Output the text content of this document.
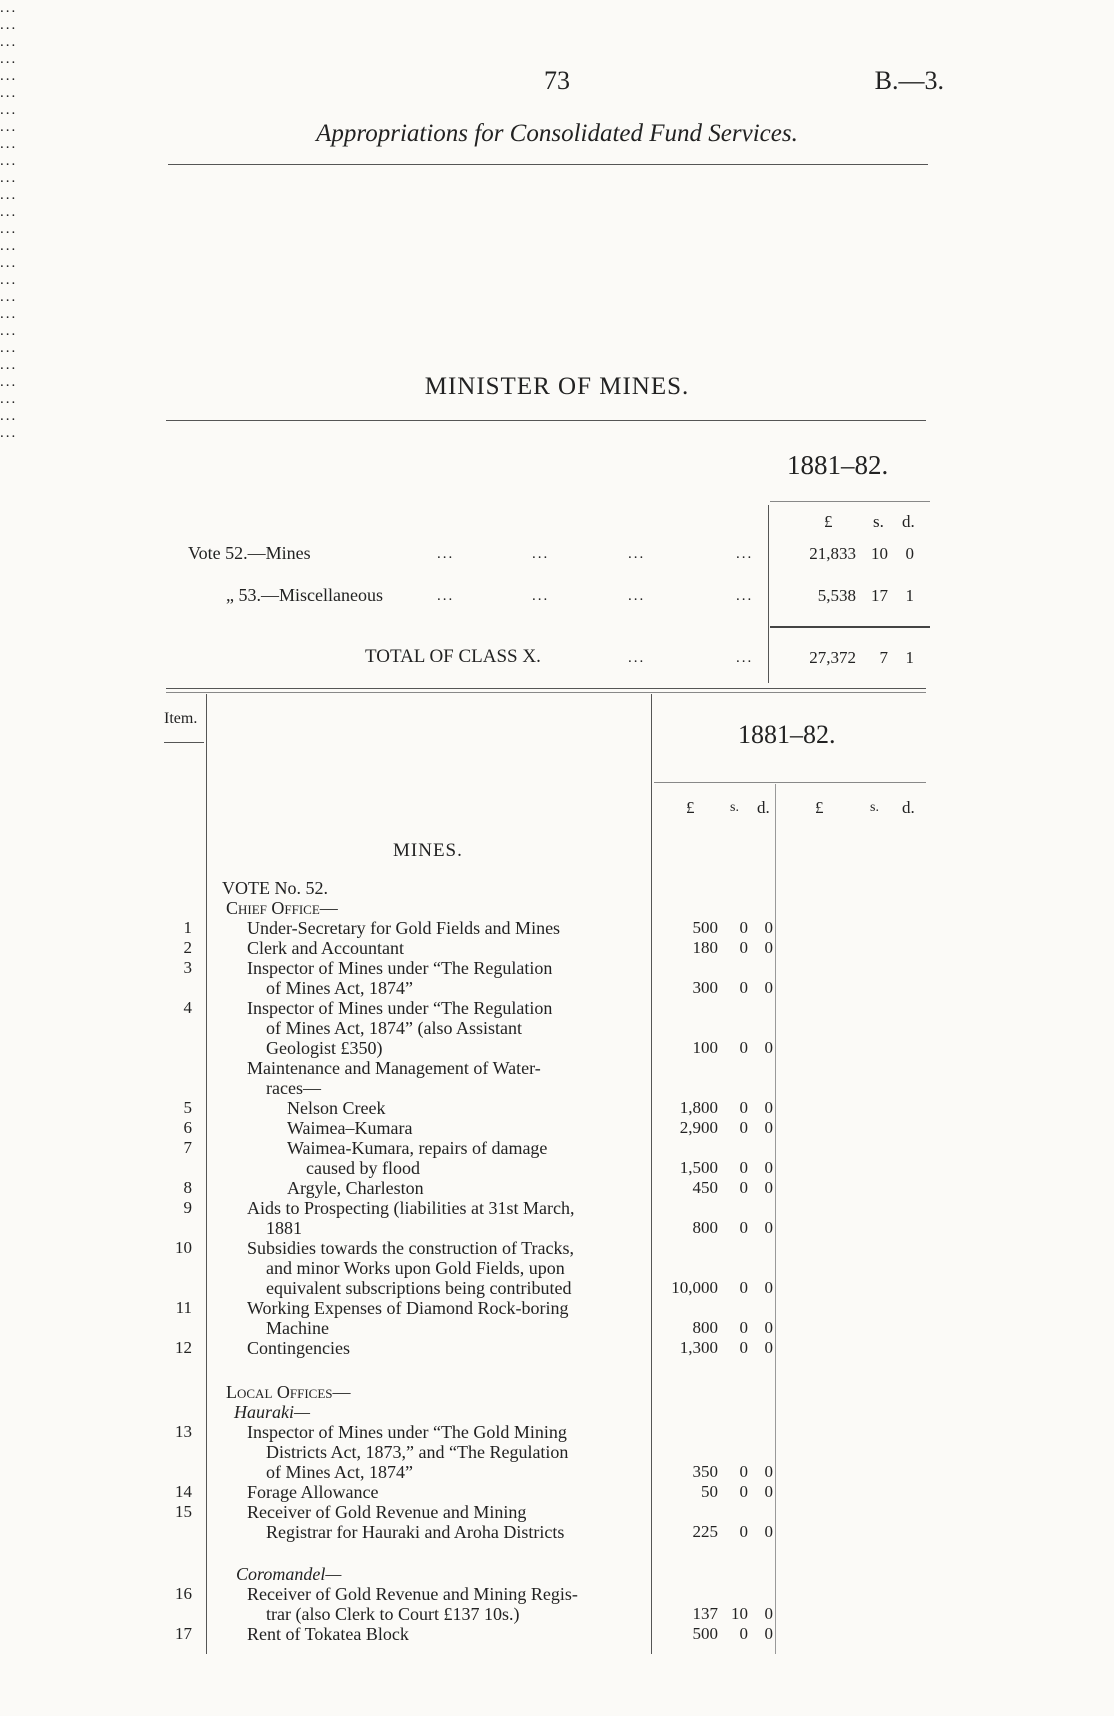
73	B.—3.
Appropriations for Consolidated Fund Services.
MINISTER OF MINES.
1881–82.
£ s. d.
Vote 52.—Mines	...	...	...	...	21,833 10	0
„ 53.—Miscellaneous	...	...	...	...	5,538 17	1
TOTAL OF CLASS X.	...	...	27,372	7	1
Item.
1881–82.
£	s. d.	£	s. d.
MINES.
VOTE No. 52.
Chief Office—
Local Offices—
Hauraki—
Coromandel—
1	Under-Secretary for Gold Fields and Mines	500	0 0
2	Clerk and Accountant	180	0 0
...
...
3	Inspector of Mines under “The Regulation
of Mines Act, 1874”	300	0 0
...
...
4	Inspector of Mines under “The Regulation
of Mines Act, 1874” (also Assistant
Geologist £350)	100	0 0
...
...
Maintenance and Management of Water-
races—
5	Nelson Creek	1,800	0 0
...
...
6	Waimea–Kumara	2,900	0 0
...
...
7	Waimea-Kumara, repairs of damage
caused by flood	1,500	0 0
...
...
8	Argyle, Charleston	450	0 0
...
...
9	Aids to Prospecting (liabilities at 31st March,
1881	800	0 0
...
...
10	Subsidies towards the construction of Tracks,
and minor Works upon Gold Fields, upon
equivalent subscriptions being contributed	10,000	0 0
11	Working Expenses of Diamond Rock-boring
Machine	800	0 0
...
...
12	Contingencies	1,300	0 0
...
...
13	Inspector of Mines under “The Gold Mining
Districts Act, 1873,” and “The Regulation
of Mines Act, 1874”	350	0 0
...
...
14	Forage Allowance	50	0 0
...
...
15	Receiver of Gold Revenue and Mining
Registrar for Hauraki and Aroha Districts	225	0 0
16	Receiver of Gold Revenue and Mining Regis-
trar (also Clerk to Court £137 10s.)	137 10 0
17	Rent of Tokatea Block	500	0 0
...
...
